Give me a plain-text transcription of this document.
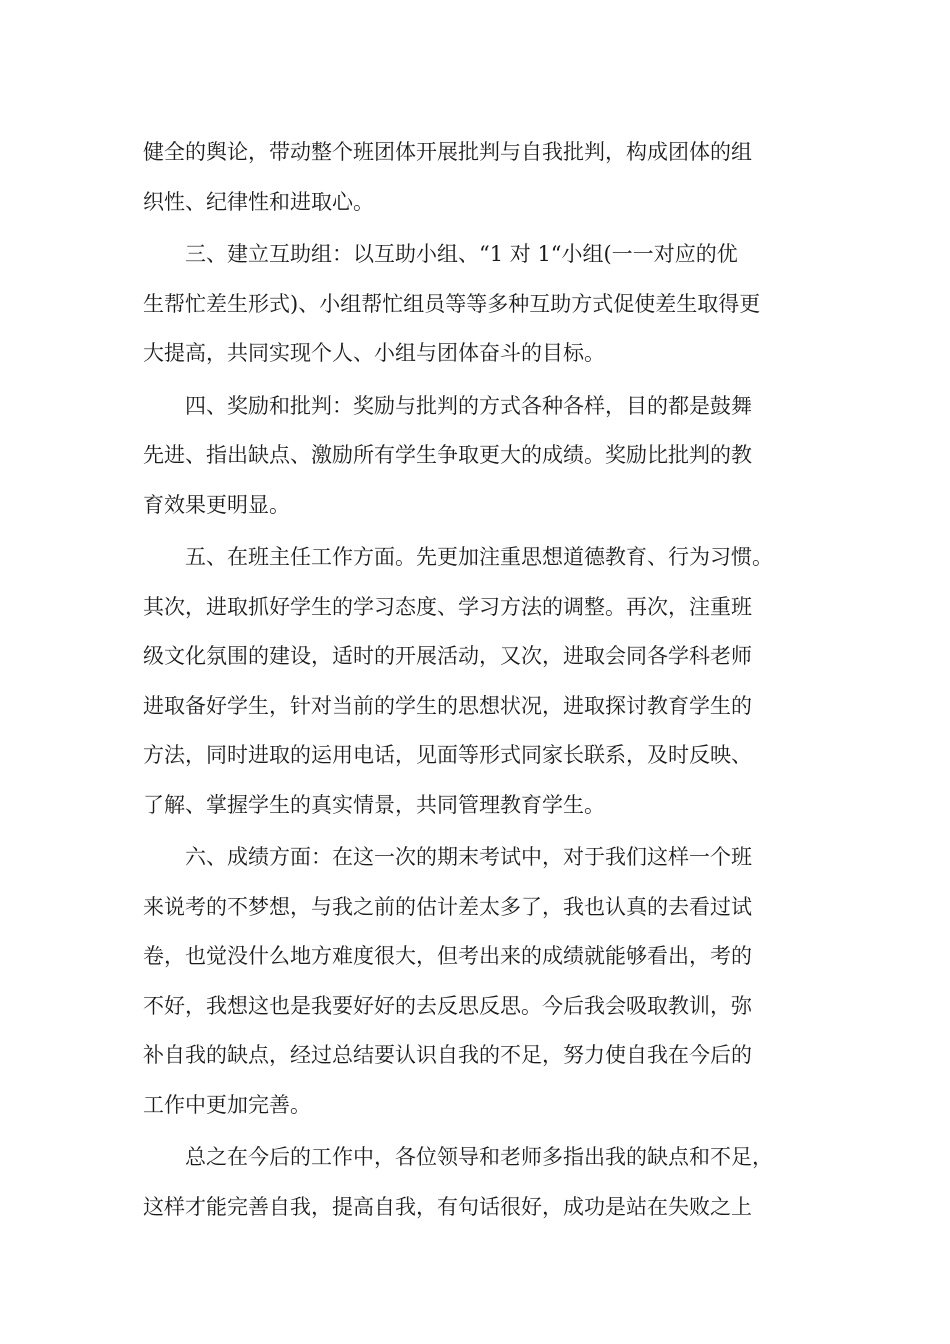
健全的舆论，带动整个班团体开展批判与自我批判，构成团体的组
织性、纪律性和进取心。
　　三、建立互助组：以互助小组、“1 对 1“小组(一一对应的优
生帮忙差生形式)、小组帮忙组员等等多种互助方式促使差生取得更
大提高，共同实现个人、小组与团体奋斗的目标。
　　四、奖励和批判：奖励与批判的方式各种各样，目的都是鼓舞
先进、指出缺点、激励所有学生争取更大的成绩。奖励比批判的教
育效果更明显。
　　五、在班主任工作方面。先更加注重思想道德教育、行为习惯。
其次，进取抓好学生的学习态度、学习方法的调整。再次，注重班
级文化氛围的建设，适时的开展活动，又次，进取会同各学科老师
进取备好学生，针对当前的学生的思想状况，进取探讨教育学生的
方法，同时进取的运用电话，见面等形式同家长联系，及时反映、
了解、掌握学生的真实情景，共同管理教育学生。
　　六、成绩方面：在这一次的期末考试中，对于我们这样一个班
来说考的不梦想，与我之前的估计差太多了，我也认真的去看过试
卷，也觉没什么地方难度很大，但考出来的成绩就能够看出，考的
不好，我想这也是我要好好的去反思反思。今后我会吸取教训，弥
补自我的缺点，经过总结要认识自我的不足，努力使自我在今后的
工作中更加完善。
　　总之在今后的工作中，各位领导和老师多指出我的缺点和不足，
这样才能完善自我，提高自我，有句话很好，成功是站在失败之上
